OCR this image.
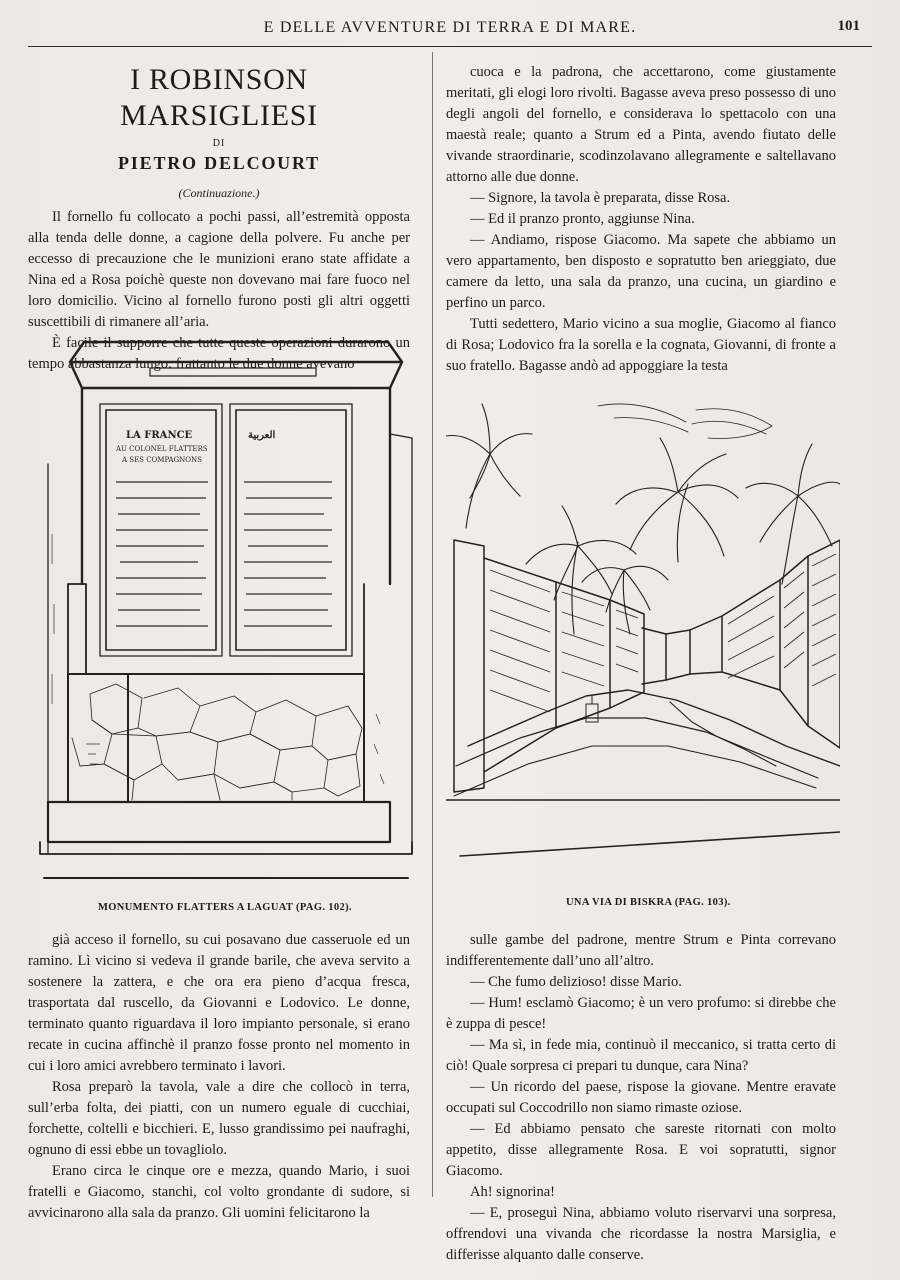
E DELLE AVVENTURE DI TERRA E DI MARE.	101
I ROBINSON MARSIGLIESI
DI
PIETRO DELCOURT
(Continuazione.)

Il fornello fu collocato a pochi passi, all’estremità opposta alla tenda delle donne, a cagione della polvere. Fu anche per eccesso di precauzione che le munizioni erano state affidate a Nina ed a Rosa poichè queste non dovevano mai fare fuoco nel loro domicilio. Vicino al fornello furono posti gli altri oggetti suscettibili di rimanere all’aria.

È facile il supporre che tutte queste operazioni durarono un tempo abbastanza lungo: frattanto le due donne avevano

cuoca e la padrona, che accettarono, come giustamente meritati, gli elogi loro rivolti. Bagasse aveva preso possesso di uno degli angoli del fornello, e considerava lo spettacolo con una maestà reale; quanto a Strum ed a Pinta, avendo fiutato delle vivande straordinarie, scodinzolavano allegramente e saltellavano attorno alle due donne.

— Signore, la tavola è preparata, disse Rosa.

— Ed il pranzo pronto, aggiunse Nina.

— Andiamo, rispose Giacomo. Ma sapete che abbiamo un vero appartamento, ben disposto e sopratutto ben arieggiato, due camere da letto, una sala da pranzo, una cucina, un giardino e perfino un parco.

Tutti sedettero, Mario vicino a sua moglie, Giacomo al fianco di Rosa; Lodovico fra la sorella e la cognata, Giovanni, di fronte a suo fratello. Bagasse andò ad appoggiare la testa

LA FRANCE
AU COLONEL FLATTERS
A SES COMPAGNONS
العربية
MONUMENTO FLATTERS A LAGUAT (PAG. 102).	UNA VIA DI BISKRA (PAG. 103).

già acceso il fornello, su cui posavano due casseruole ed un ramino. Lì vicino si vedeva il grande barile, che aveva servito a sostenere la zattera, e che ora era pieno d’acqua fresca, trasportata dal ruscello, da Giovanni e Lodovico. Le donne, terminato quanto riguardava il loro impianto personale, si erano recate in cucina affinchè il pranzo fosse pronto nel momento in cui i loro amici avrebbero terminato i lavori.

Rosa preparò la tavola, vale a dire che collocò in terra, sull’erba folta, dei piatti, con un numero eguale di cucchiai, forchette, coltelli e bicchieri. E, lusso grandissimo pei naufraghi, ognuno di essi ebbe un tovagliolo.

Erano circa le cinque ore e mezza, quando Mario, i suoi fratelli e Giacomo, stanchi, col volto grondante di sudore, si avvicinarono alla sala da pranzo. Gli uomini felicitarono la

sulle gambe del padrone, mentre Strum e Pinta correvano indifferentemente dall’uno all’altro.

— Che fumo delizioso! disse Mario.

— Hum! esclamò Giacomo; è un vero profumo: si direbbe che è zuppa di pesce!

— Ma sì, in fede mia, continuò il meccanico, si tratta certo di ciò! Quale sorpresa ci prepari tu dunque, cara Nina?

— Un ricordo del paese, rispose la giovane. Mentre eravate occupati sul Coccodrillo non siamo rimaste oziose.

— Ed abbiamo pensato che sareste ritornati con molto appetito, disse allegramente Rosa. E voi sopratutti, signor Giacomo.

Ah! signorina!

— E, proseguì Nina, abbiamo voluto riservarvi una sorpresa, offrendovi una vivanda che ricordasse la nostra Marsiglia, e differisse alquanto dalle conserve.
